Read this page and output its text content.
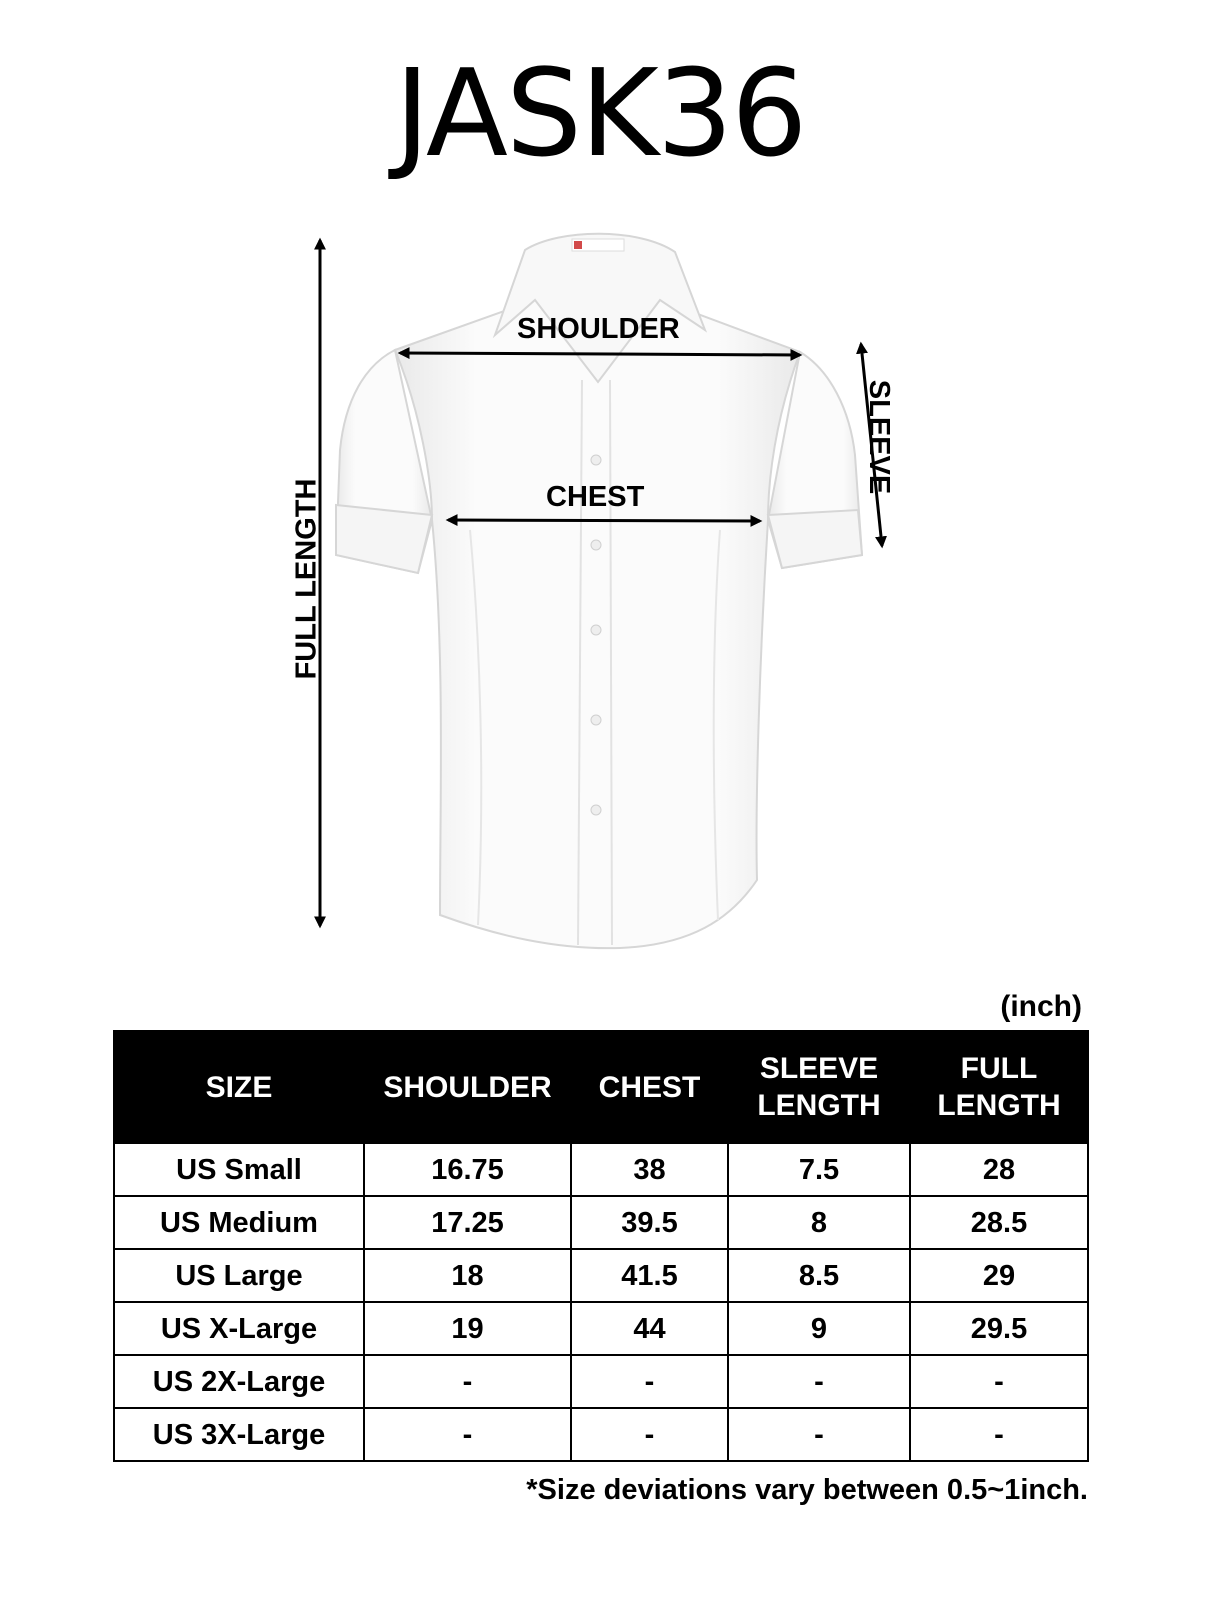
JASK36
SHOULDER
CHEST
SLEEVE
FULL LENGTH
(inch)
SIZE	SHOULDER	CHEST	SLEEVE LENGTH	FULL LENGTH
US Small	16.75	38	7.5	28
US Medium	17.25	39.5	8	28.5
US Large	18	41.5	8.5	29
US X-Large	19	44	9	29.5
US 2X-Large	-	-	-	-
US 3X-Large	-	-	-	-
*Size deviations vary between 0.5~1inch.
